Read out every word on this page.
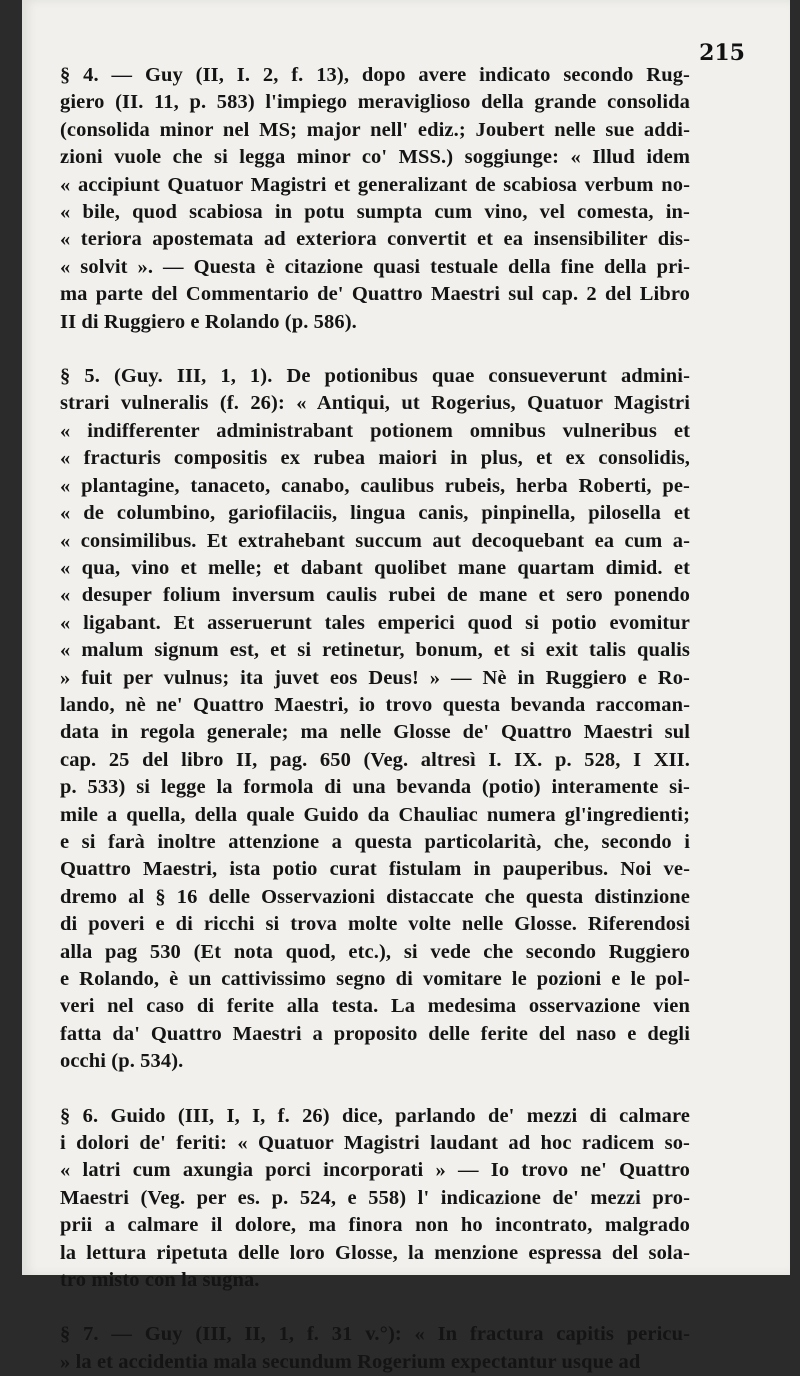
215
§ 4. — Guy (II, I. 2, f. 13), dopo avere indicato secondo Rug-
giero (II. 11, p. 583) l'impiego meraviglioso della grande consolida
(consolida minor nel MS; major nell' ediz.; Joubert nelle sue addi-
zioni vuole che si legga minor co' MSS.) soggiunge: « Illud idem
« accipiunt Quatuor Magistri et generalizant de scabiosa verbum no-
« bile, quod scabiosa in potu sumpta cum vino, vel comesta, in-
« teriora apostemata ad exteriora convertit et ea insensibiliter dis-
« solvit ». — Questa è citazione quasi testuale della fine della pri-
ma parte del Commentario de' Quattro Maestri sul cap. 2 del Libro
II di Ruggiero e Rolando (p. 586).
§ 5. (Guy. III, 1, 1). De potionibus quae consueverunt admini-
strari vulneralis (f. 26): « Antiqui, ut Rogerius, Quatuor Magistri
« indifferenter administrabant potionem omnibus vulneribus et
« fracturis compositis ex rubea maiori in plus, et ex consolidis,
« plantagine, tanaceto, canabo, caulibus rubeis, herba Roberti, pe-
« de columbino, gariofilaciis, lingua canis, pinpinella, pilosella et
« consimilibus. Et extrahebant succum aut decoquebant ea cum a-
« qua, vino et melle; et dabant quolibet mane quartam dimid. et
« desuper folium inversum caulis rubei de mane et sero ponendo
« ligabant. Et asseruerunt tales emperici quod si potio evomitur
« malum signum est, et si retinetur, bonum, et si exit talis qualis
» fuit per vulnus; ita juvet eos Deus! » — Nè in Ruggiero e Ro-
lando, nè ne' Quattro Maestri, io trovo questa bevanda raccoman-
data in regola generale; ma nelle Glosse de' Quattro Maestri sul
cap. 25 del libro II, pag. 650 (Veg. altresì I. IX. p. 528, I XII.
p. 533) si legge la formola di una bevanda (potio) interamente si-
mile a quella, della quale Guido da Chauliac numera gl'ingredienti;
e si farà inoltre attenzione a questa particolarità, che, secondo i
Quattro Maestri, ista potio curat fistulam in pauperibus. Noi ve-
dremo al § 16 delle Osservazioni distaccate che questa distinzione
di poveri e di ricchi si trova molte volte nelle Glosse. Riferendosi
alla pag 530 (Et nota quod, etc.), si vede che secondo Ruggiero
e Rolando, è un cattivissimo segno di vomitare le pozioni e le pol-
veri nel caso di ferite alla testa. La medesima osservazione vien
fatta da' Quattro Maestri a proposito delle ferite del naso e degli
occhi (p. 534).
§ 6. Guido (III, I, I, f. 26) dice, parlando de' mezzi di calmare
i dolori de' feriti: « Quatuor Magistri laudant ad hoc radicem so-
« latri cum axungia porci incorporati » — Io trovo ne' Quattro
Maestri (Veg. per es. p. 524, e 558) l' indicazione de' mezzi pro-
prii a calmare il dolore, ma finora non ho incontrato, malgrado
la lettura ripetuta delle loro Glosse, la menzione espressa del sola-
tro misto con la sugna.
§ 7. — Guy (III, II, 1, f. 31 v.°): « In fractura capitis pericu-
» la et accidentia mala secundum Rogerium expectantur usque ad
